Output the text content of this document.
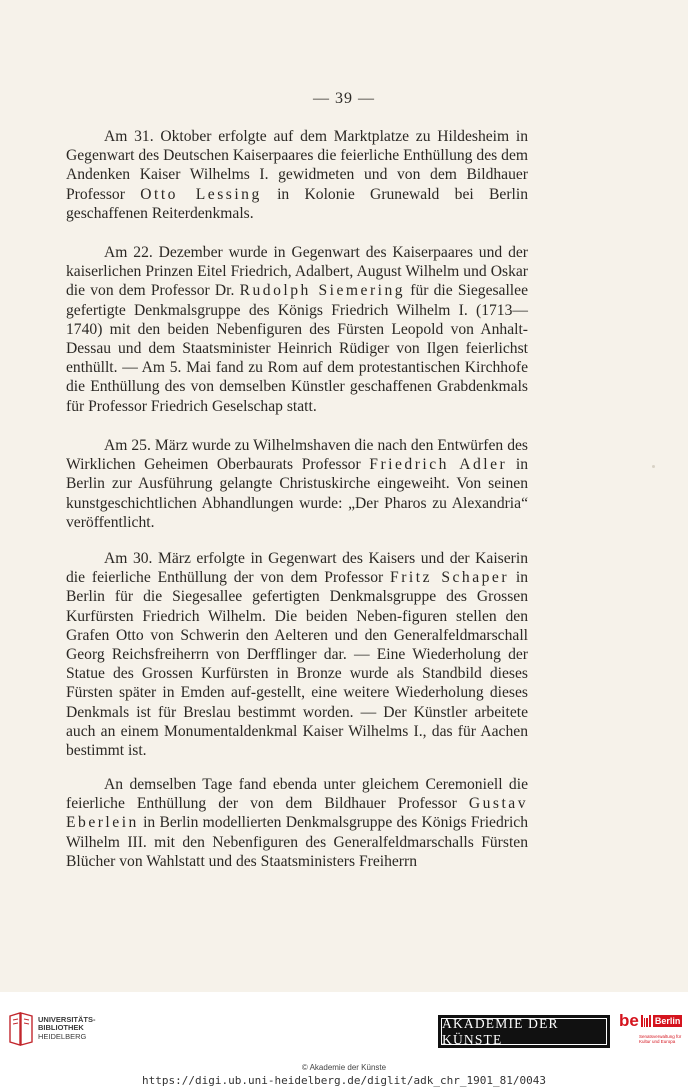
— 39 —

Am 31. Oktober erfolgte auf dem Marktplatze zu Hildesheim in Gegenwart des Deutschen Kaiserpaares die feierliche Enthüllung des dem Andenken Kaiser Wilhelms I. gewidmeten und von dem Bildhauer Professor Otto Lessing in Kolonie Grunewald bei Berlin geschaffenen Reiterdenkmals.

Am 22. Dezember wurde in Gegenwart des Kaiserpaares und der kaiserlichen Prinzen Eitel Friedrich, Adalbert, August Wilhelm und Oskar die von dem Professor Dr. Rudolph Siemering für die Siegesallee gefertigte Denkmalsgruppe des Königs Friedrich Wilhelm I. (1713—1740) mit den beiden Nebenfiguren des Fürsten Leopold von Anhalt-Dessau und dem Staatsminister Heinrich Rüdiger von Ilgen feierlichst enthüllt. — Am 5. Mai fand zu Rom auf dem protestantischen Kirchhofe die Enthüllung des von demselben Künstler geschaffenen Grabdenkmals für Professor Friedrich Geselschap statt.

Am 25. März wurde zu Wilhelmshaven die nach den Entwürfen des Wirklichen Geheimen Oberbaurats Professor Friedrich Adler in Berlin zur Ausführung gelangte Christuskirche eingeweiht. Von seinen kunstgeschichtlichen Abhandlungen wurde: „Der Pharos zu Alexandria“ veröffentlicht.

Am 30. März erfolgte in Gegenwart des Kaisers und der Kaiserin die feierliche Enthüllung der von dem Professor Fritz Schaper in Berlin für die Siegesallee gefertigten Denkmalsgruppe des Grossen Kurfürsten Friedrich Wilhelm. Die beiden Neben-figuren stellen den Grafen Otto von Schwerin den Aelteren und den Generalfeldmarschall Georg Reichsfreiherrn von Derfflinger dar. — Eine Wiederholung der Statue des Grossen Kurfürsten in Bronze wurde als Standbild dieses Fürsten später in Emden auf-gestellt, eine weitere Wiederholung dieses Denkmals ist für Breslau bestimmt worden. — Der Künstler arbeitete auch an einem Monumentaldenkmal Kaiser Wilhelms I., das für Aachen bestimmt ist.

An demselben Tage fand ebenda unter gleichem Ceremoniell die feierliche Enthüllung der von dem Bildhauer Professor Gustav Eberlein in Berlin modellierten Denkmalsgruppe des Königs Friedrich Wilhelm III. mit den Nebenfiguren des Generalfeldmarschalls Fürsten Blücher von Wahlstatt und des Staatsministers Freiherrn

UNIVERSITÄTS-
BIBLIOTHEK
HEIDELBERG
AKADEMIE DER KÜNSTE
be Berlin
Senatsverwaltung für Kultur und Europa
© Akademie der Künste
https://digi.ub.uni-heidelberg.de/diglit/adk_chr_1901_81/0043
